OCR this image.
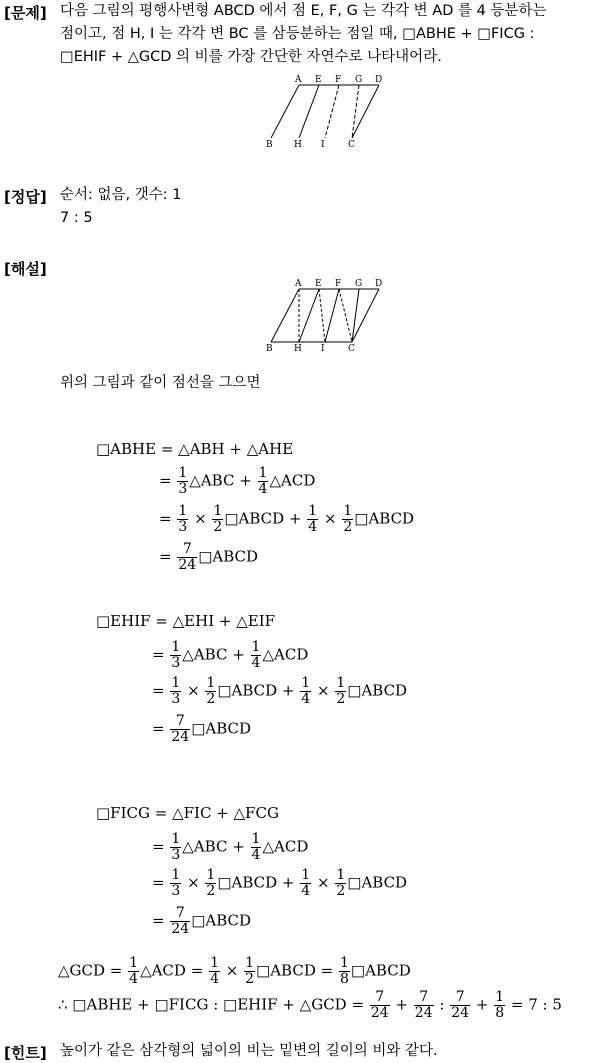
[문제] 다음 그림의 평행사변형 ABCD 에서 점 E, F, G 는 각각 변 AD 를 4 등분하는
점이고, 점 H, I 는 각각 변 BC 를 삼등분하는 점일 때, □ABHE + □FICG :
□EHIF + △GCD 의 비를 가장 간단한 자연수로 나타내어라.
A E F G D
B H I	C
[정답] 순서: 없음, 갯수: 1
7 : 5
[해설]
A E F G D
B H I	C
위의 그림과 같이 점선을 그으면
□ABHE = △ABH + △AHE
= $\frac{1}{3}$ △ABC + $\frac{1}{4}$ △ACD
= $\frac{1}{3} \times \frac{1}{2}$ □ABCD + $\frac{1}{4} \times \frac{1}{2}$ □ABCD
= $\frac{7}{24}$ □ABCD
□EHIF = △EHI + △EIF
= $\frac{1}{3}$ △ABC + $\frac{1}{4}$ △ACD
= $\frac{1}{3} \times \frac{1}{2}$ □ABCD + $\frac{1}{4} \times \frac{1}{2}$ □ABCD
= $\frac{7}{24}$ □ABCD
□FICG = △FIC + △FCG
= $\frac{1}{3}$ △ABC + $\frac{1}{4}$ △ACD
= $\frac{1}{3} \times \frac{1}{2}$ □ABCD + $\frac{1}{4} \times \frac{1}{2}$ □ABCD
= $\frac{7}{24}$ □ABCD
△GCD = $\frac{1}{4}$ △ACD = $\frac{1}{4} \times \frac{1}{2}$ □ABCD = $\frac{1}{8}$ □ABCD
∴ □ABHE + □FICG : □EHIF + △GCD = $\frac{7}{24} + \frac{7}{24}$ : $\frac{7}{24} + \frac{1}{8} = 7$ : 5
[힌트] 높이가 같은 삼각형의 넓이의 비는 밑변의 길이의 비와 같다.
